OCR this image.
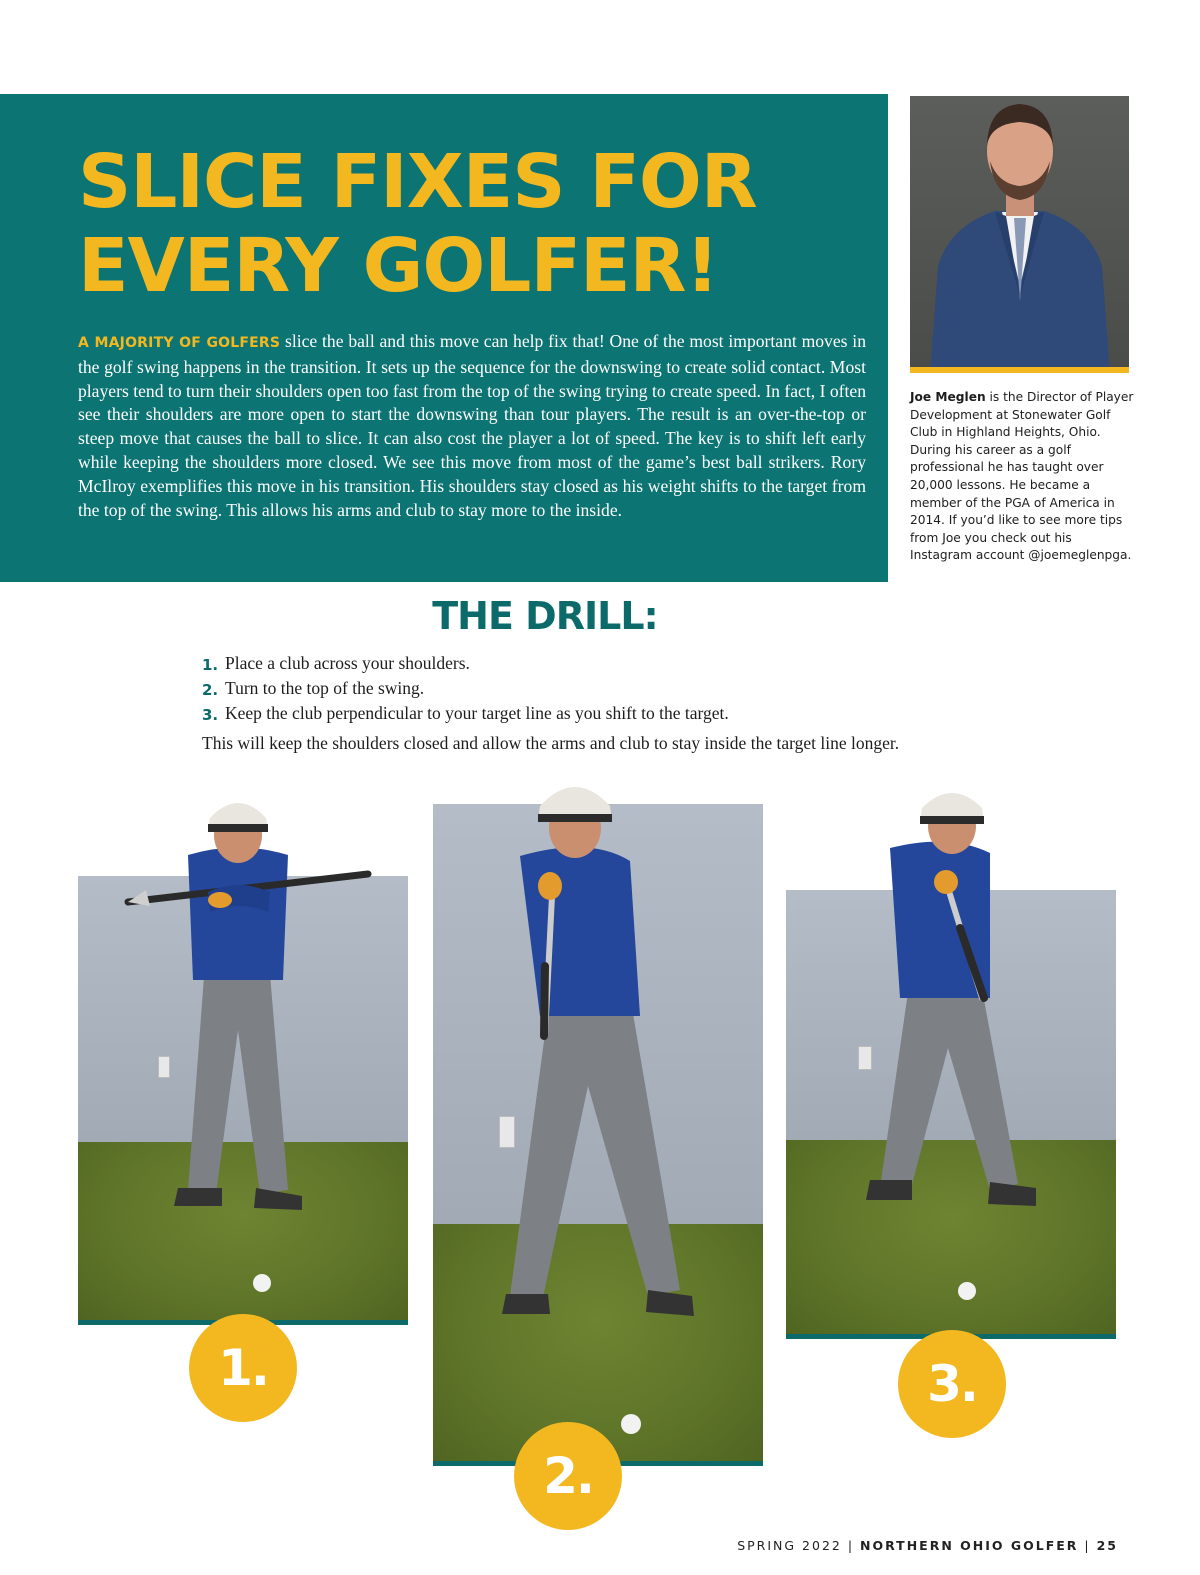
SLICE FIXES FOR
EVERY GOLFER!

A MAJORITY OF GOLFERS slice the ball and this move can help fix that! One of the most important moves in the golf swing happens in the transition. It sets up the sequence for the downswing to create solid contact. Most players tend to turn their shoulders open too fast from the top of the swing trying to create speed. In fact, I often see their shoulders are more open to start the downswing than tour players. The result is an over-the-top or steep move that causes the ball to slice. It can also cost the player a lot of speed. The key is to shift left early while keeping the shoulders more closed. We see this move from most of the game’s best ball strikers. Rory McIlroy exemplifies this move in his transition. His shoulders stay closed as his weight shifts to the target from the top of the swing. This allows his arms and club to stay more to the inside.

Joe Meglen is the Director of Player Development at Stonewater Golf Club in Highland Heights, Ohio. During his career as a golf professional he has taught over 20,000 lessons. He became a member of the PGA of America in 2014. If you’d like to see more tips from Joe you check out his Instagram account @joemeglenpga.

THE DRILL:
1. Place a club across your shoulders.
2. Turn to the top of the swing.
3. Keep the club perpendicular to your target line as you shift to the target.

This will keep the shoulders closed and allow the arms and club to stay inside the target line longer.

1.
2.
3.
SPRING 2022 | NORTHERN OHIO GOLFER | 25
